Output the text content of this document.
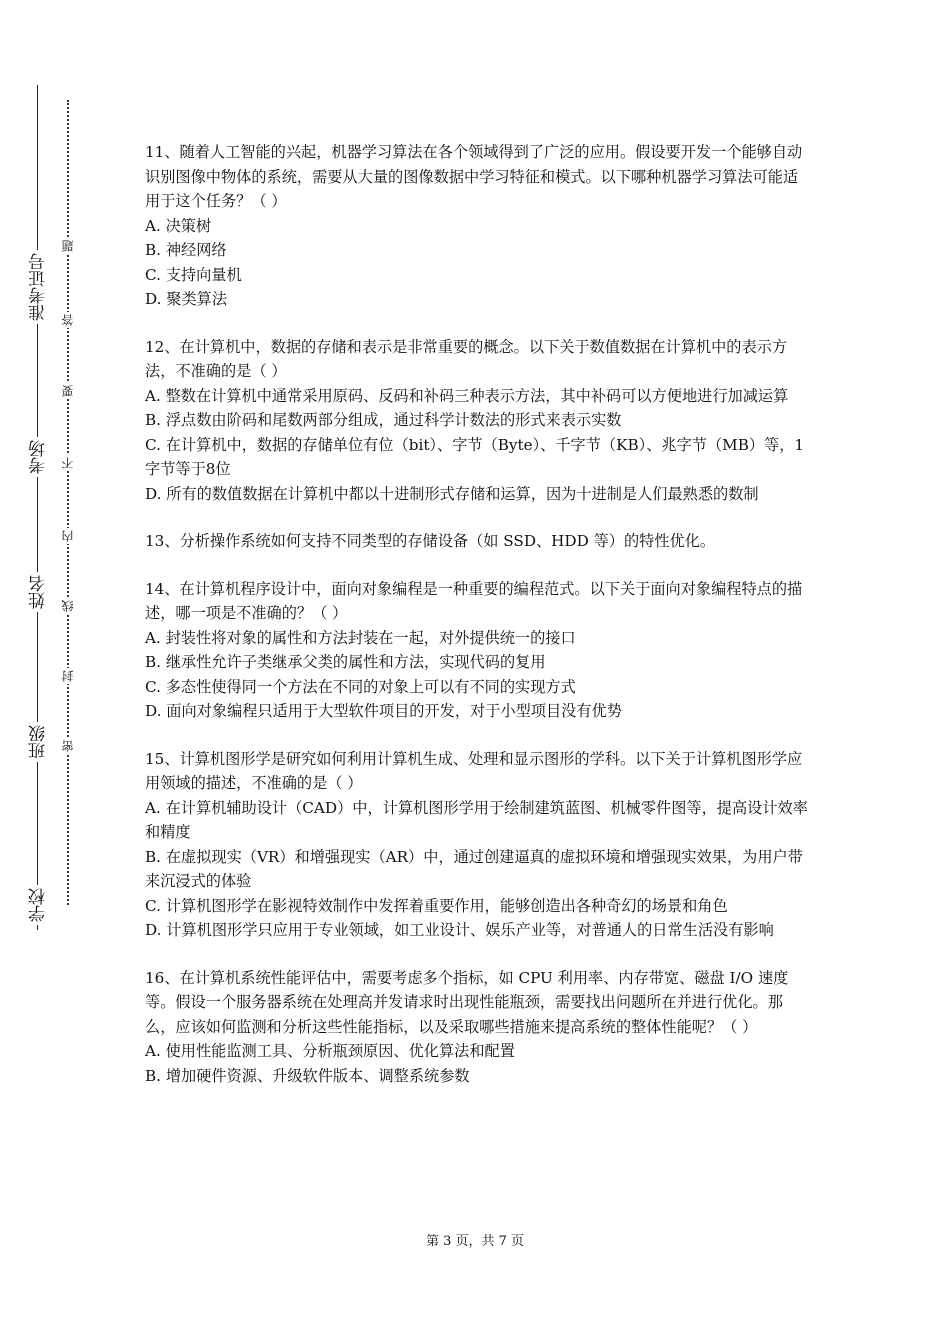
准考证号
考场
姓名
班级
学校
密
封
线
内
不
要
答
题

11、随着人工智能的兴起，机器学习算法在各个领域得到了广泛的应用。假设要开发一个能够自动识别图像中物体的系统，需要从大量的图像数据中学习特征和模式。以下哪种机器学习算法可能适用于这个任务？（ ）

A. 决策树

B. 神经网络

C. 支持向量机

D. 聚类算法

12、在计算机中，数据的存储和表示是非常重要的概念。以下关于数值数据在计算机中的表示方法，不准确的是（ ）

A. 整数在计算机中通常采用原码、反码和补码三种表示方法，其中补码可以方便地进行加减运算

B. 浮点数由阶码和尾数两部分组成，通过科学计数法的形式来表示实数

C. 在计算机中，数据的存储单位有位（bit）、字节（Byte）、千字节（KB）、兆字节（MB）等，1字节等于8位

D. 所有的数值数据在计算机中都以十进制形式存储和运算，因为十进制是人们最熟悉的数制

13、分析操作系统如何支持不同类型的存储设备（如 SSD、HDD 等）的特性优化。

14、在计算机程序设计中，面向对象编程是一种重要的编程范式。以下关于面向对象编程特点的描述，哪一项是不准确的？（ ）

A. 封装性将对象的属性和方法封装在一起，对外提供统一的接口

B. 继承性允许子类继承父类的属性和方法，实现代码的复用

C. 多态性使得同一个方法在不同的对象上可以有不同的实现方式

D. 面向对象编程只适用于大型软件项目的开发，对于小型项目没有优势

15、计算机图形学是研究如何利用计算机生成、处理和显示图形的学科。以下关于计算机图形学应用领域的描述，不准确的是（ ）

A. 在计算机辅助设计（CAD）中，计算机图形学用于绘制建筑蓝图、机械零件图等，提高设计效率和精度

B. 在虚拟现实（VR）和增强现实（AR）中，通过创建逼真的虚拟环境和增强现实效果，为用户带来沉浸式的体验

C. 计算机图形学在影视特效制作中发挥着重要作用，能够创造出各种奇幻的场景和角色

D. 计算机图形学只应用于专业领域，如工业设计、娱乐产业等，对普通人的日常生活没有影响

16、在计算机系统性能评估中，需要考虑多个指标，如 CPU 利用率、内存带宽、磁盘 I/O 速度等。假设一个服务器系统在处理高并发请求时出现性能瓶颈，需要找出问题所在并进行优化。那么，应该如何监测和分析这些性能指标，以及采取哪些措施来提高系统的整体性能呢？（ ）

A. 使用性能监测工具、分析瓶颈原因、优化算法和配置

B. 增加硬件资源、升级软件版本、调整系统参数

第 3 页，共 7 页
